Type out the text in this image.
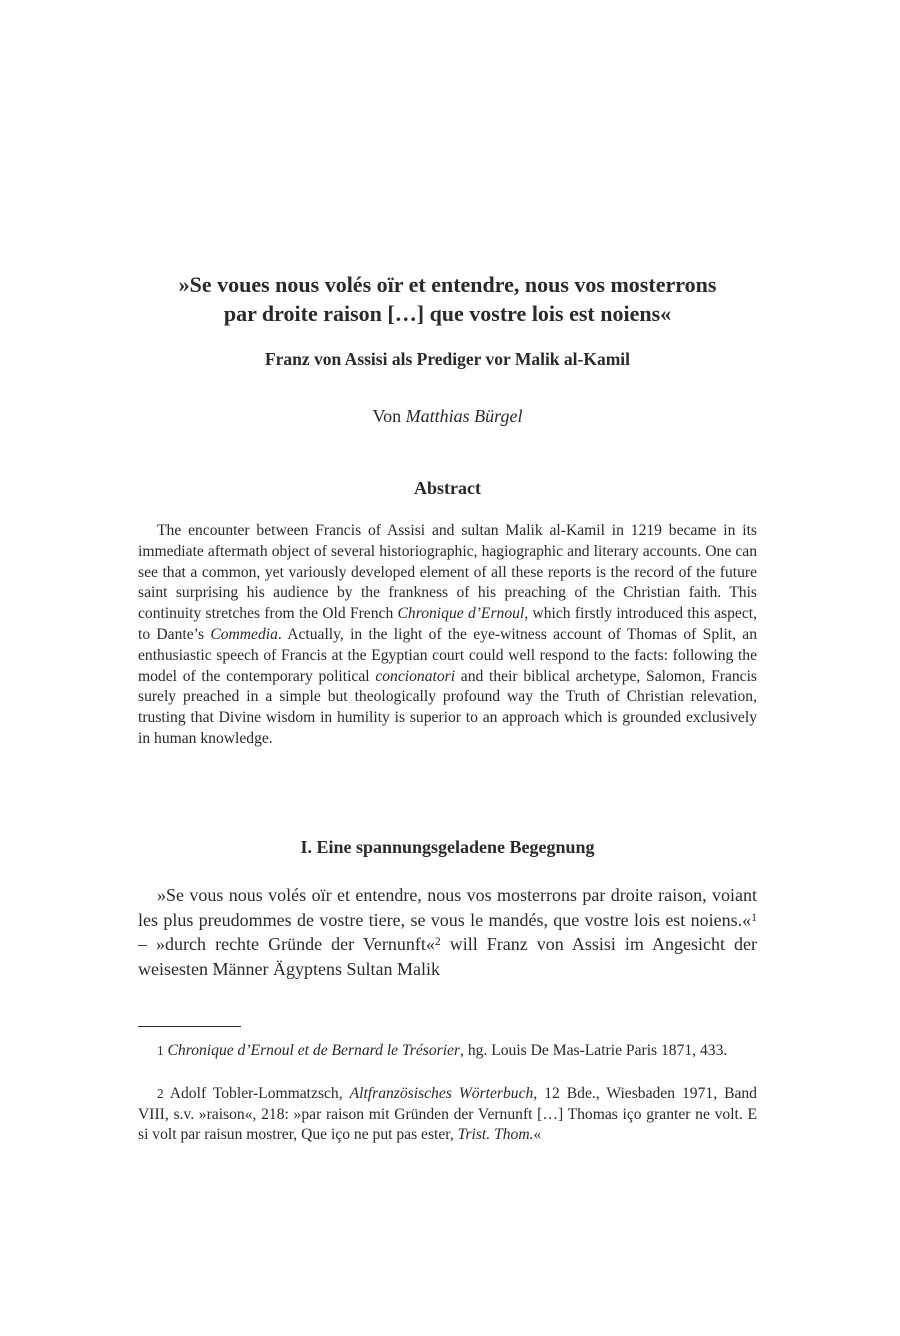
»Se voues nous volés oïr et entendre, nous vos mosterrons
par droite raison […] que vostre lois est noiens«
Franz von Assisi als Prediger vor Malik al-Kamil
Von Matthias Bürgel
Abstract

The encounter between Francis of Assisi and sultan Malik al-Kamil in 1219 became in its immediate aftermath object of several historiographic, hagiographic and literary accounts. One can see that a common, yet variously developed element of all these reports is the record of the future saint surprising his audience by the frankness of his preaching of the Christian faith. This continuity stretches from the Old French Chronique d’Ernoul, which firstly introduced this aspect, to Dante’s Commedia. Actually, in the light of the eye-witness account of Thomas of Split, an enthusiastic speech of Francis at the Egyptian court could well respond to the facts: following the model of the contemporary political concionatori and their biblical archetype, Salomon, Francis surely preached in a simple but theologically profound way the Truth of Christian relevation, trusting that Divine wisdom in humility is superior to an approach which is grounded exclusively in human knowledge.

I. Eine spannungsgeladene Begegnung

»Se vous nous volés oïr et entendre, nous vos mosterrons par droite raison, voiant les plus preudommes de vostre tiere, se vous le mandés, que vostre lois est noiens.«$^1$ – »durch rechte Gründe der Vernunft«$^2$ will Franz von Assisi im Angesicht der weisesten Männer Ägyptens Sultan Malik

1 Chronique d’Ernoul et de Bernard le Trésorier, hg. Louis De Mas-Latrie Paris 1871, 433.

2 Adolf Tobler-Lommatzsch, Altfranzösisches Wörterbuch, 12 Bde., Wiesbaden 1971, Band VIII, s.v. »raison«, 218: »par raison mit Gründen der Vernunft […] Thomas iço granter ne volt. E si volt par raisun mostrer, Que iço ne put pas ester, Trist. Thom.«
